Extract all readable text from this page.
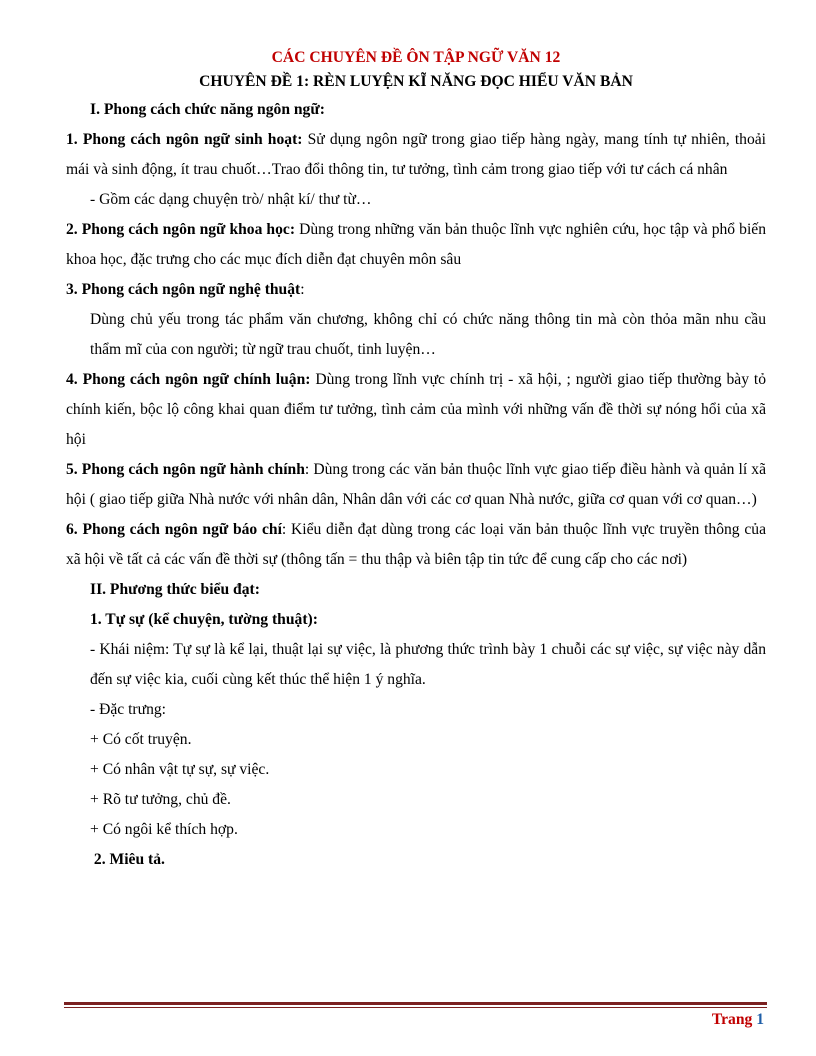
CÁC CHUYÊN ĐỀ ÔN TẬP NGỮ VĂN 12
CHUYÊN ĐỀ 1: RÈN LUYỆN KĨ NĂNG ĐỌC HIỂU VĂN BẢN
I. Phong cách chức năng ngôn ngữ:

1. Phong cách ngôn ngữ sinh hoạt: Sử dụng ngôn ngữ trong giao tiếp hàng ngày, mang tính tự nhiên, thoải mái và sinh động, ít trau chuốt…Trao đổi thông tin, tư tưởng, tình cảm trong giao tiếp với tư cách cá nhân

- Gồm các dạng chuyện trò/ nhật kí/ thư từ…

2. Phong cách ngôn ngữ khoa học: Dùng trong những văn bản thuộc lĩnh vực nghiên cứu, học tập và phổ biến khoa học, đặc trưng cho các mục đích diễn đạt chuyên môn sâu

3. Phong cách ngôn ngữ nghệ thuật:

Dùng chủ yếu trong tác phẩm văn chương, không chỉ có chức năng thông tin mà còn thỏa mãn nhu cầu thẩm mĩ của con người; từ ngữ trau chuốt, tinh luyện…

4. Phong cách ngôn ngữ chính luận: Dùng trong lĩnh vực chính trị - xã hội, ; người giao tiếp thường bày tỏ chính kiến, bộc lộ công khai quan điểm tư tưởng, tình cảm của mình với những vấn đề thời sự nóng hổi của xã hội

5. Phong cách ngôn ngữ hành chính: Dùng trong các văn bản thuộc lĩnh vực giao tiếp điều hành và quản lí xã hội ( giao tiếp giữa Nhà nước với nhân dân, Nhân dân với các cơ quan Nhà nước, giữa cơ quan với cơ quan…)

6. Phong cách ngôn ngữ báo chí: Kiểu diễn đạt dùng trong các loại văn bản thuộc lĩnh vực truyền thông của xã hội về tất cả các vấn đề thời sự (thông tấn = thu thập và biên tập tin tức để cung cấp cho các nơi)

II. Phương thức biểu đạt:
1. Tự sự (kể chuyện, tường thuật):
- Khái niệm: Tự sự là kể lại, thuật lại sự việc, là phương thức trình bày 1 chuỗi các sự việc, sự việc này dẫn đến sự việc kia, cuối cùng kết thúc thể hiện 1 ý nghĩa.
- Đặc trưng:
+ Có cốt truyện.
+ Có nhân vật tự sự, sự việc.
+ Rõ tư tưởng, chủ đề.
+ Có ngôi kể thích hợp.
2. Miêu tả.
Trang 1
